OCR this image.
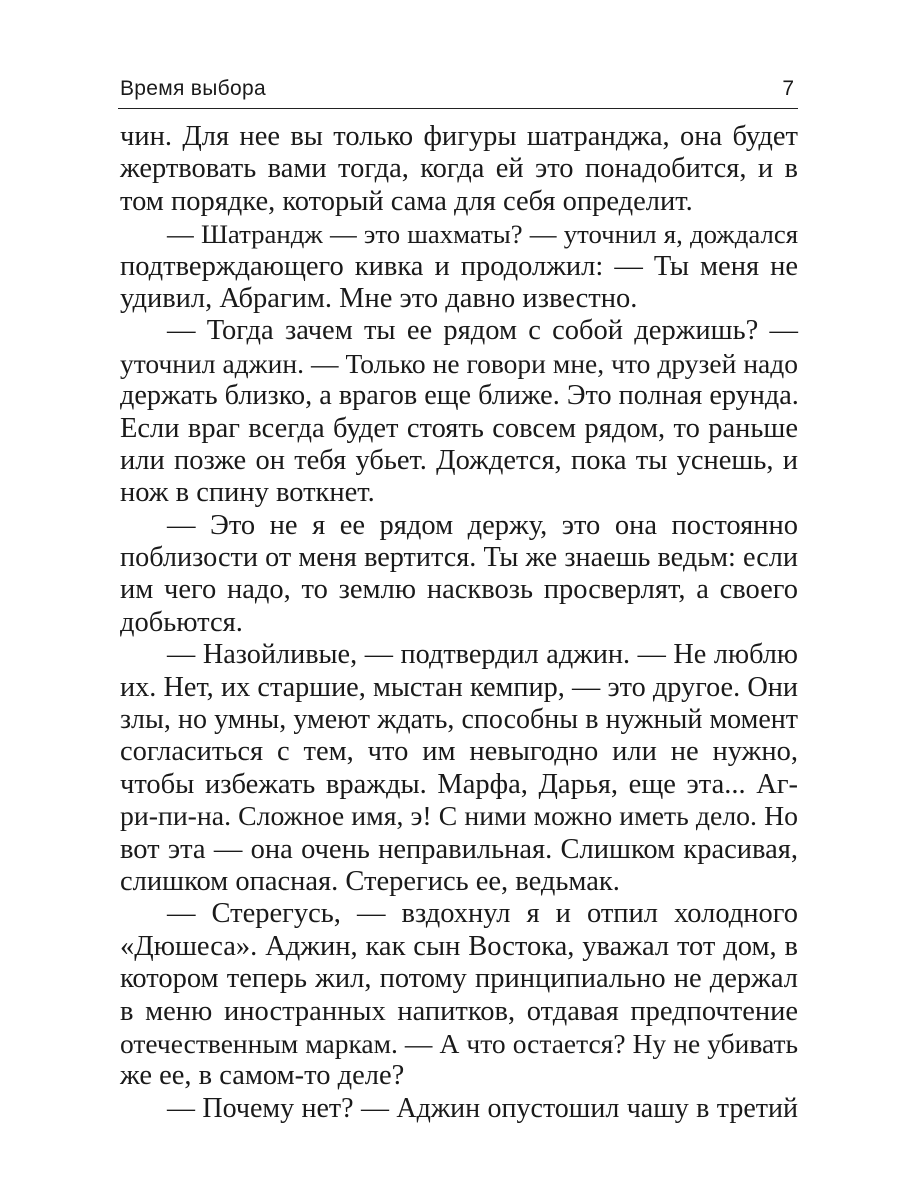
Время выбора	7
чин. Для нее вы только фигуры шатранджа, она будет
жертвовать вами тогда, когда ей это понадобится, и в
том порядке, который сама для себя определит.
— Шатрандж — это шахматы? — уточнил я, дождался
подтверждающего кивка и продолжил: — Ты меня не
удивил, Абрагим. Мне это давно известно.
— Тогда зачем ты ее рядом с собой держишь? —
уточнил аджин. — Только не говори мне, что друзей надо
держать близко, а врагов еще ближе. Это полная ерунда.
Если враг всегда будет стоять совсем рядом, то раньше
или позже он тебя убьет. Дождется, пока ты уснешь, и
нож в спину воткнет.
— Это не я ее рядом держу, это она постоянно
поблизости от меня вертится. Ты же знаешь ведьм: если
им чего надо, то землю насквозь просверлят, а своего
добьются.
— Назойливые, — подтвердил аджин. — Не люблю
их. Нет, их старшие, мыстан кемпир, — это другое. Они
злы, но умны, умеют ждать, способны в нужный момент
согласиться с тем, что им невыгодно или не нужно,
чтобы избежать вражды. Марфа, Дарья, еще эта... Аг-
ри-пи-на. Сложное имя, э! С ними можно иметь дело. Но
вот эта — она очень неправильная. Слишком красивая,
слишком опасная. Стерегись ее, ведьмак.
— Стерегусь, — вздохнул я и отпил холодного
«Дюшеса». Аджин, как сын Востока, уважал тот дом, в
котором теперь жил, потому принципиально не держал
в меню иностранных напитков, отдавая предпочтение
отечественным маркам. — А что остается? Ну не убивать
же ее, в самом-то деле?
— Почему нет? — Аджин опустошил чашу в третий
